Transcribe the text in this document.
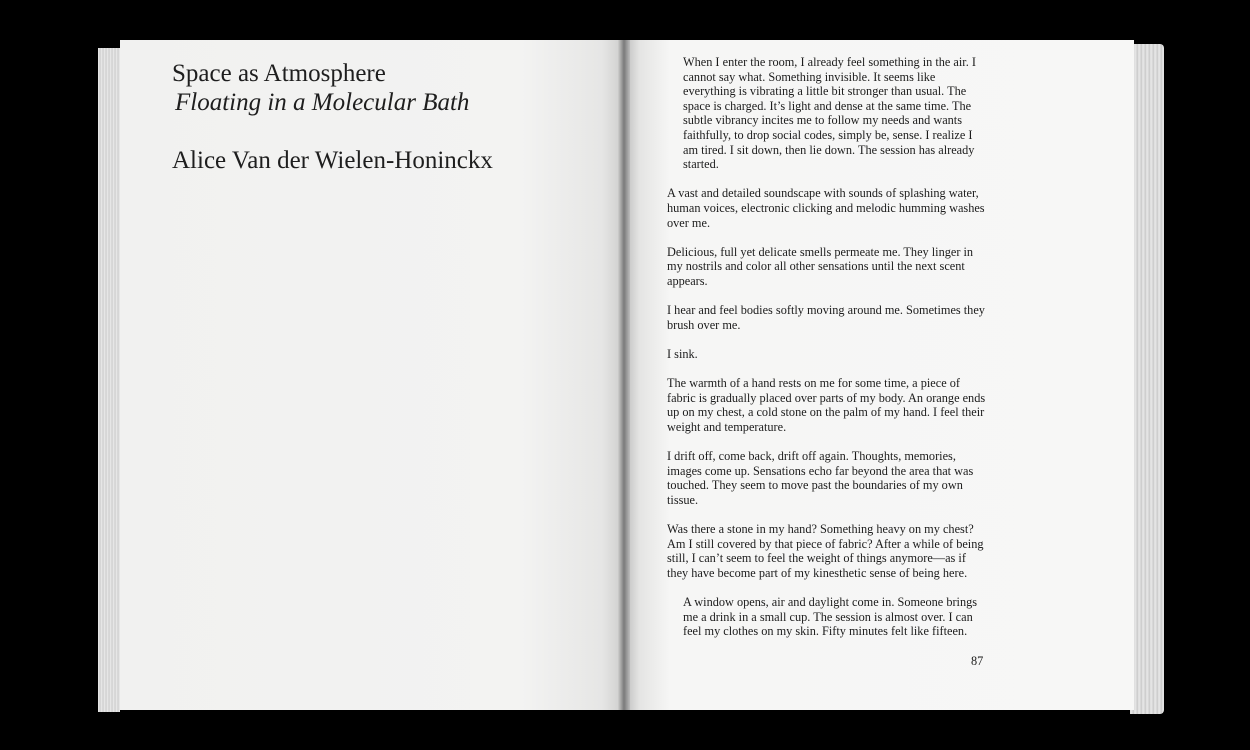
Space as Atmosphere
Floating in a Molecular Bath
Alice Van der Wielen-Honinckx

When I enter the room, I already feel something in the air. I cannot say what. Something invisible. It seems like everything is vibrating a little bit stronger than usual. The space is charged. It’s light and dense at the same time. The subtle vibrancy incites me to follow my needs and wants faithfully, to drop social codes, simply be, sense. I realize I am tired. I sit down, then lie down. The session has already started.

A vast and detailed soundscape with sounds of splashing water, human voices, electronic clicking and melodic humming washes over me.

Delicious, full yet delicate smells permeate me. They linger in my nostrils and color all other sensations until the next scent appears.

I hear and feel bodies softly moving around me. Sometimes they brush over me.

I sink.

The warmth of a hand rests on me for some time, a piece of fabric is gradually placed over parts of my body. An orange ends up on my chest, a cold stone on the palm of my hand. I feel their weight and temperature.

I drift off, come back, drift off again. Thoughts, memories, images come up. Sensations echo far beyond the area that was touched. They seem to move past the boundaries of my own tissue.

Was there a stone in my hand? Something heavy on my chest? Am I still covered by that piece of fabric? After a while of being still, I can’t seem to feel the weight of things anymore—as if they have become part of my kinesthetic sense of being here.

A window opens, air and daylight come in. Someone brings me a drink in a small cup. The session is almost over. I can feel my clothes on my skin. Fifty minutes felt like fifteen.

87
